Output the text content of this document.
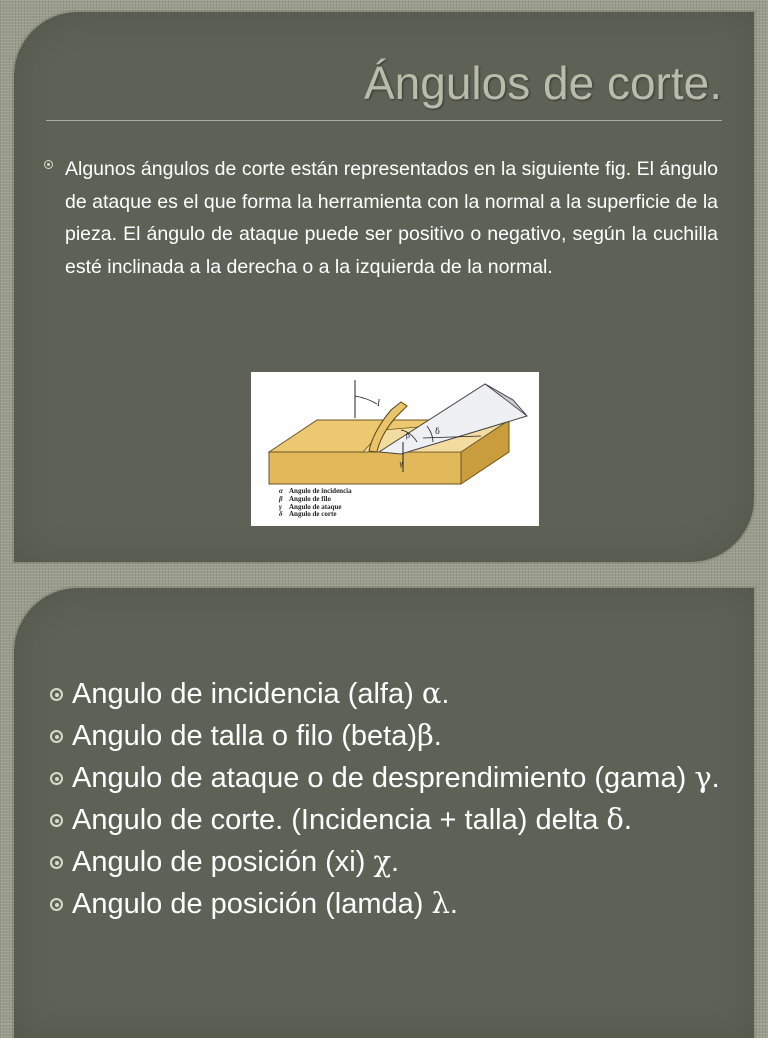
Ángulos de corte.

Algunos ángulos de corte están representados en la siguiente fig. El ángulo de ataque es el que forma la herramienta con la normal a la superficie de la pieza. El ángulo de ataque puede ser positivo o negativo, según la cuchilla esté inclinada a la derecha o a la izquierda de la normal.

I
β	δ
γ
α Angulo de incidencia
β Angulo de filo
γ Angulo de ataque
δ Angulo de corte
Angulo de incidencia (alfa) α.
Angulo de talla o filo (beta)β.
Angulo de ataque o de desprendimiento (gama) γ.
Angulo de corte. (Incidencia + talla) delta δ.
Angulo de posición (xi) χ.
Angulo de posición (lamda) λ.
